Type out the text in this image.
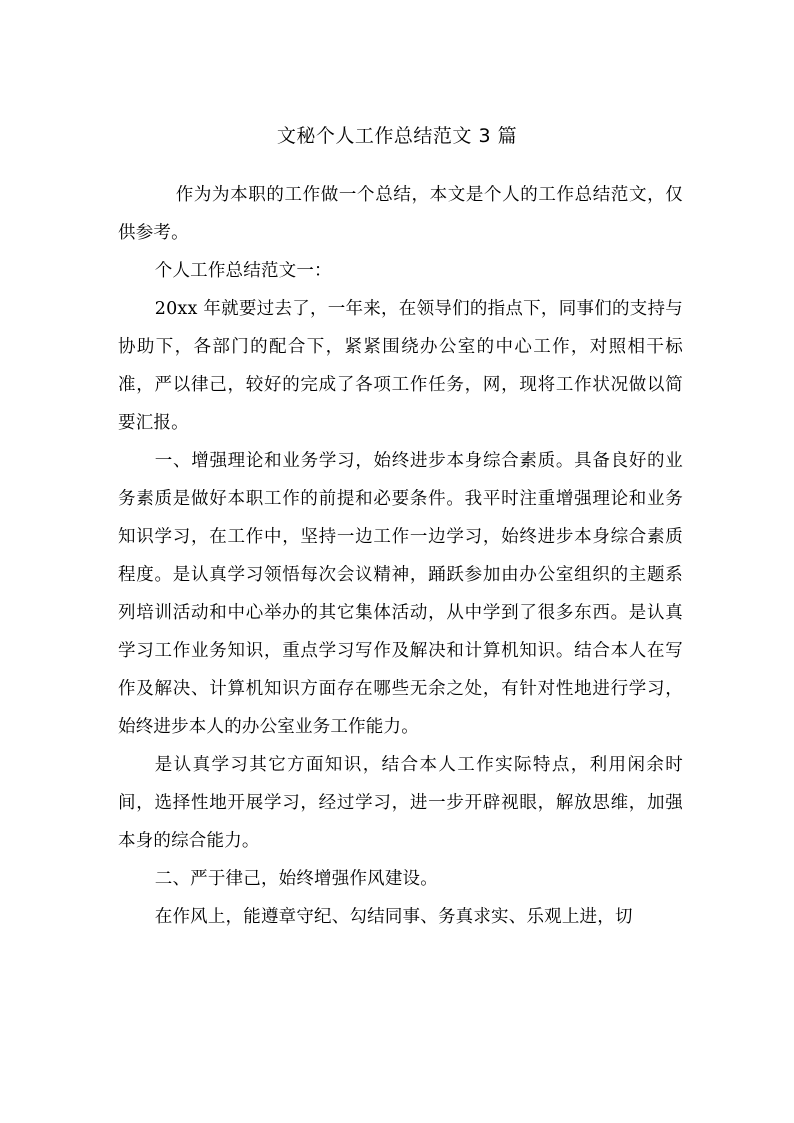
文秘个人工作总结范文 3 篇

作为为本职的工作做一个总结，本文是个人的工作总结范文，仅供参考。

个人工作总结范文一：

20xx 年就要过去了，一年来，在领导们的指点下，同事们的支持与协助下，各部门的配合下，紧紧围绕办公室的中心工作，对照相干标准，严以律己，较好的完成了各项工作任务，网，现将工作状况做以简要汇报。

一、增强理论和业务学习，始终进步本身综合素质。具备良好的业务素质是做好本职工作的前提和必要条件。我平时注重增强理论和业务知识学习，在工作中，坚持一边工作一边学习，始终进步本身综合素质程度。是认真学习领悟每次会议精神，踊跃参加由办公室组织的主题系列培训活动和中心举办的其它集体活动，从中学到了很多东西。是认真学习工作业务知识，重点学习写作及解决和计算机知识。结合本人在写作及解决、计算机知识方面存在哪些无余之处，有针对性地进行学习，始终进步本人的办公室业务工作能力。

是认真学习其它方面知识，结合本人工作实际特点，利用闲余时间，选择性地开展学习，经过学习，进一步开辟视眼，解放思维，加强本身的综合能力。

二、严于律己，始终增强作风建设。

在作风上，能遵章守纪、勾结同事、务真求实、乐观上进，切
